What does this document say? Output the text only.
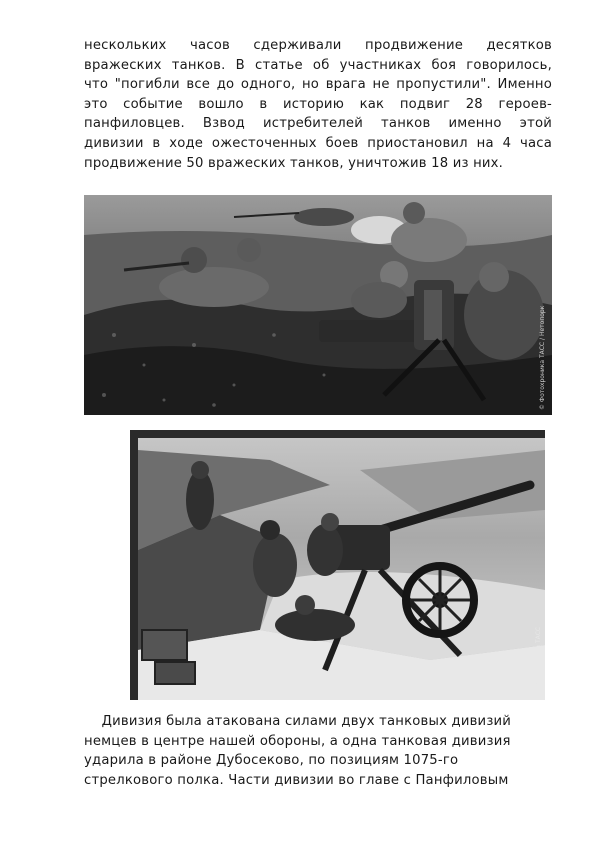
нескольких часов сдерживали продвижение десятков
вражеских танков. В статье об участниках боя говорилось,
что "погибли все до одного, но врага не пропустили". Именно
это событие вошло в историю как подвиг 28 героев-
панфиловцев. Взвод истребителей танков именно этой
дивизии в ходе ожесточенных боев приостановил на 4 часа
продвижение 50 вражеских танков, уничтожив 18 из них.
© Фотохроника ТАСС / Нетопорк
© Фотохроника ТАСС
Дивизия была атакована силами двух танковых дивизий
немцев в центре нашей обороны, а одна танковая дивизия
ударила в районе Дубосеково, по позициям 1075-го
стрелкового полка. Части дивизии во главе с Панфиловым
